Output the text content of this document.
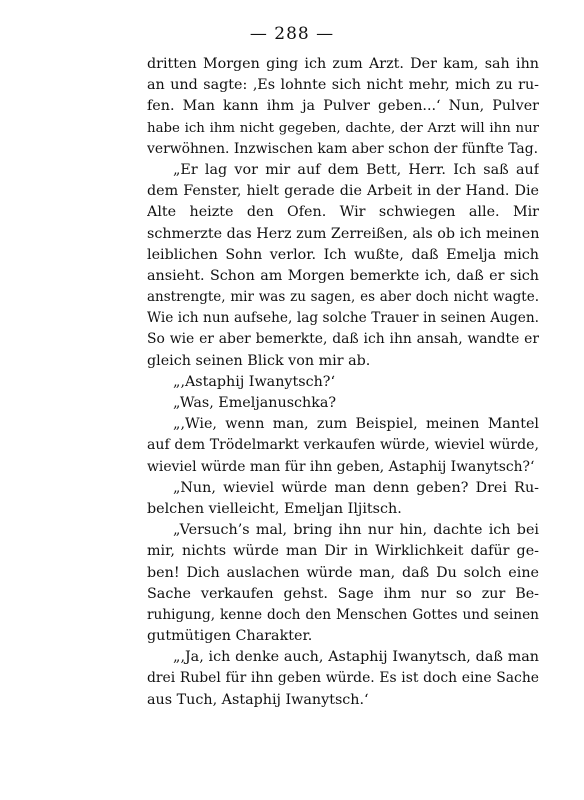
— 288 —
dritten Morgen ging ich zum Arzt. Der kam, sah ihn
an und sagte: ‚Es lohnte sich nicht mehr, mich zu ru-
fen. Man kann ihm ja Pulver geben...‘ Nun, Pulver
habe ich ihm nicht gegeben, dachte, der Arzt will ihn nur
verwöhnen. Inzwischen kam aber schon der fünfte Tag.
„Er lag vor mir auf dem Bett, Herr. Ich saß auf
dem Fenster, hielt gerade die Arbeit in der Hand. Die
Alte heizte den Ofen. Wir schwiegen alle. Mir
schmerzte das Herz zum Zerreißen, als ob ich meinen
leiblichen Sohn verlor. Ich wußte, daß Emelja mich
ansieht. Schon am Morgen bemerkte ich, daß er sich
anstrengte, mir was zu sagen, es aber doch nicht wagte.
Wie ich nun aufsehe, lag solche Trauer in seinen Augen.
So wie er aber bemerkte, daß ich ihn ansah, wandte er
gleich seinen Blick von mir ab.
„‚Astaphij Iwanytsch?‘
„Was, Emeljanuschka?
„‚Wie, wenn man, zum Beispiel, meinen Mantel
auf dem Trödelmarkt verkaufen würde, wieviel würde,
wieviel würde man für ihn geben, Astaphij Iwanytsch?‘
„Nun, wieviel würde man denn geben? Drei Ru-
belchen vielleicht, Emeljan Iljitsch.
„Versuch’s mal, bring ihn nur hin, dachte ich bei
mir, nichts würde man Dir in Wirklichkeit dafür ge-
ben! Dich auslachen würde man, daß Du solch eine
Sache verkaufen gehst. Sage ihm nur so zur Be-
ruhigung, kenne doch den Menschen Gottes und seinen
gutmütigen Charakter.
„‚Ja, ich denke auch, Astaphij Iwanytsch, daß man
drei Rubel für ihn geben würde. Es ist doch eine Sache
aus Tuch, Astaphij Iwanytsch.‘
